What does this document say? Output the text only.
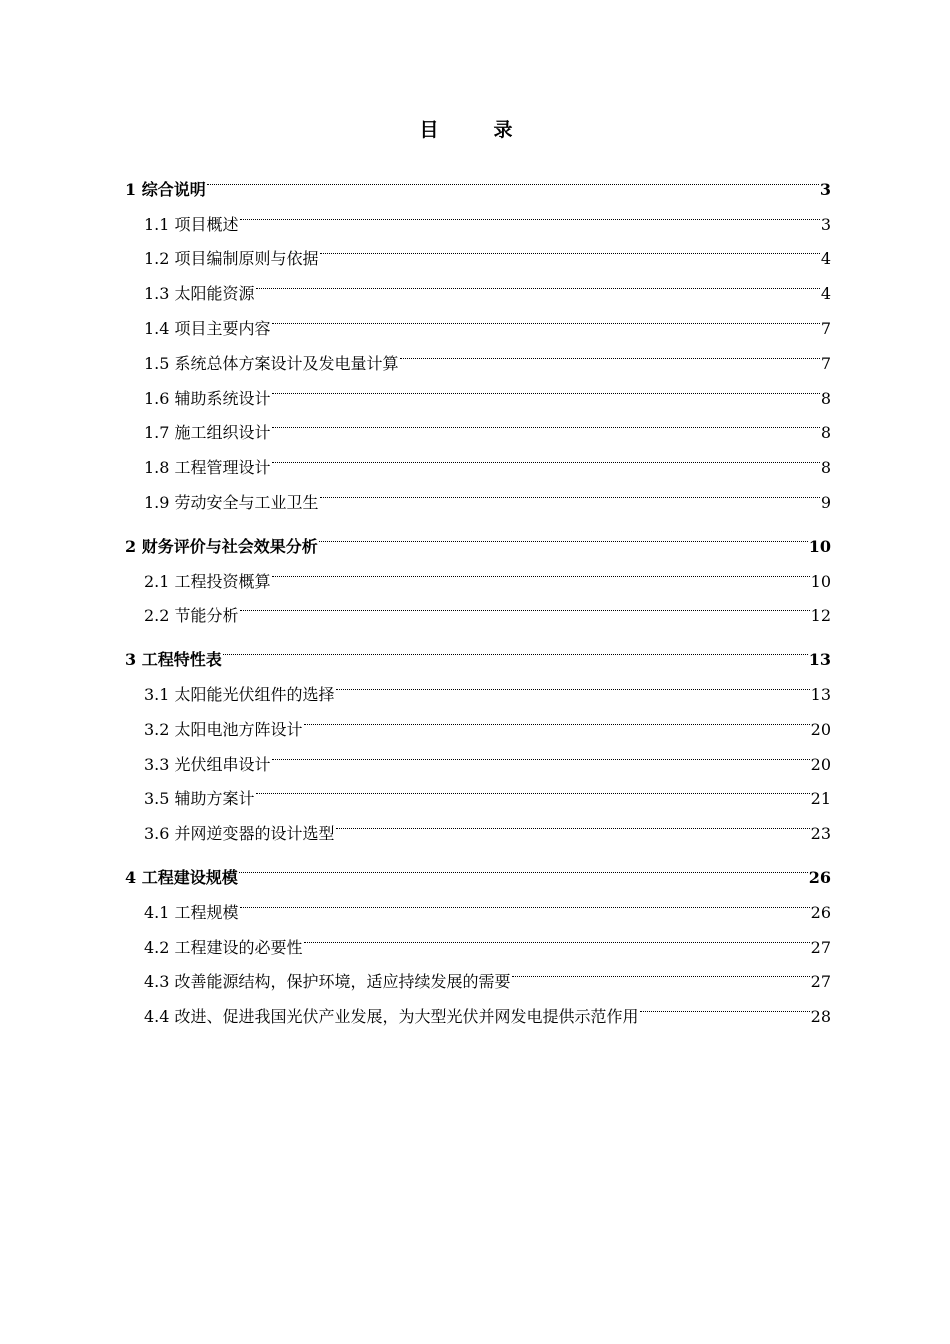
目　录
1 综合说明	3
1.1 项目概述	3
1.2 项目编制原则与依据	4
1.3 太阳能资源	4
1.4 项目主要内容	7
1.5 系统总体方案设计及发电量计算	7
1.6 辅助系统设计	8
1.7 施工组织设计	8
1.8 工程管理设计	8
1.9 劳动安全与工业卫生	9
2 财务评价与社会效果分析	10
2.1 工程投资概算	10
2.2 节能分析	12
3 工程特性表	13
3.1 太阳能光伏组件的选择	13
3.2 太阳电池方阵设计	20
3.3 光伏组串设计	20
3.5 辅助方案计	21
3.6 并网逆变器的设计选型	23
4 工程建设规模	26
4.1 工程规模	26
4.2 工程建设的必要性	27
4.3 改善能源结构，保护环境，适应持续发展的需要	27
4.4 改进、促进我国光伏产业发展，为大型光伏并网发电提供示范作用	28
